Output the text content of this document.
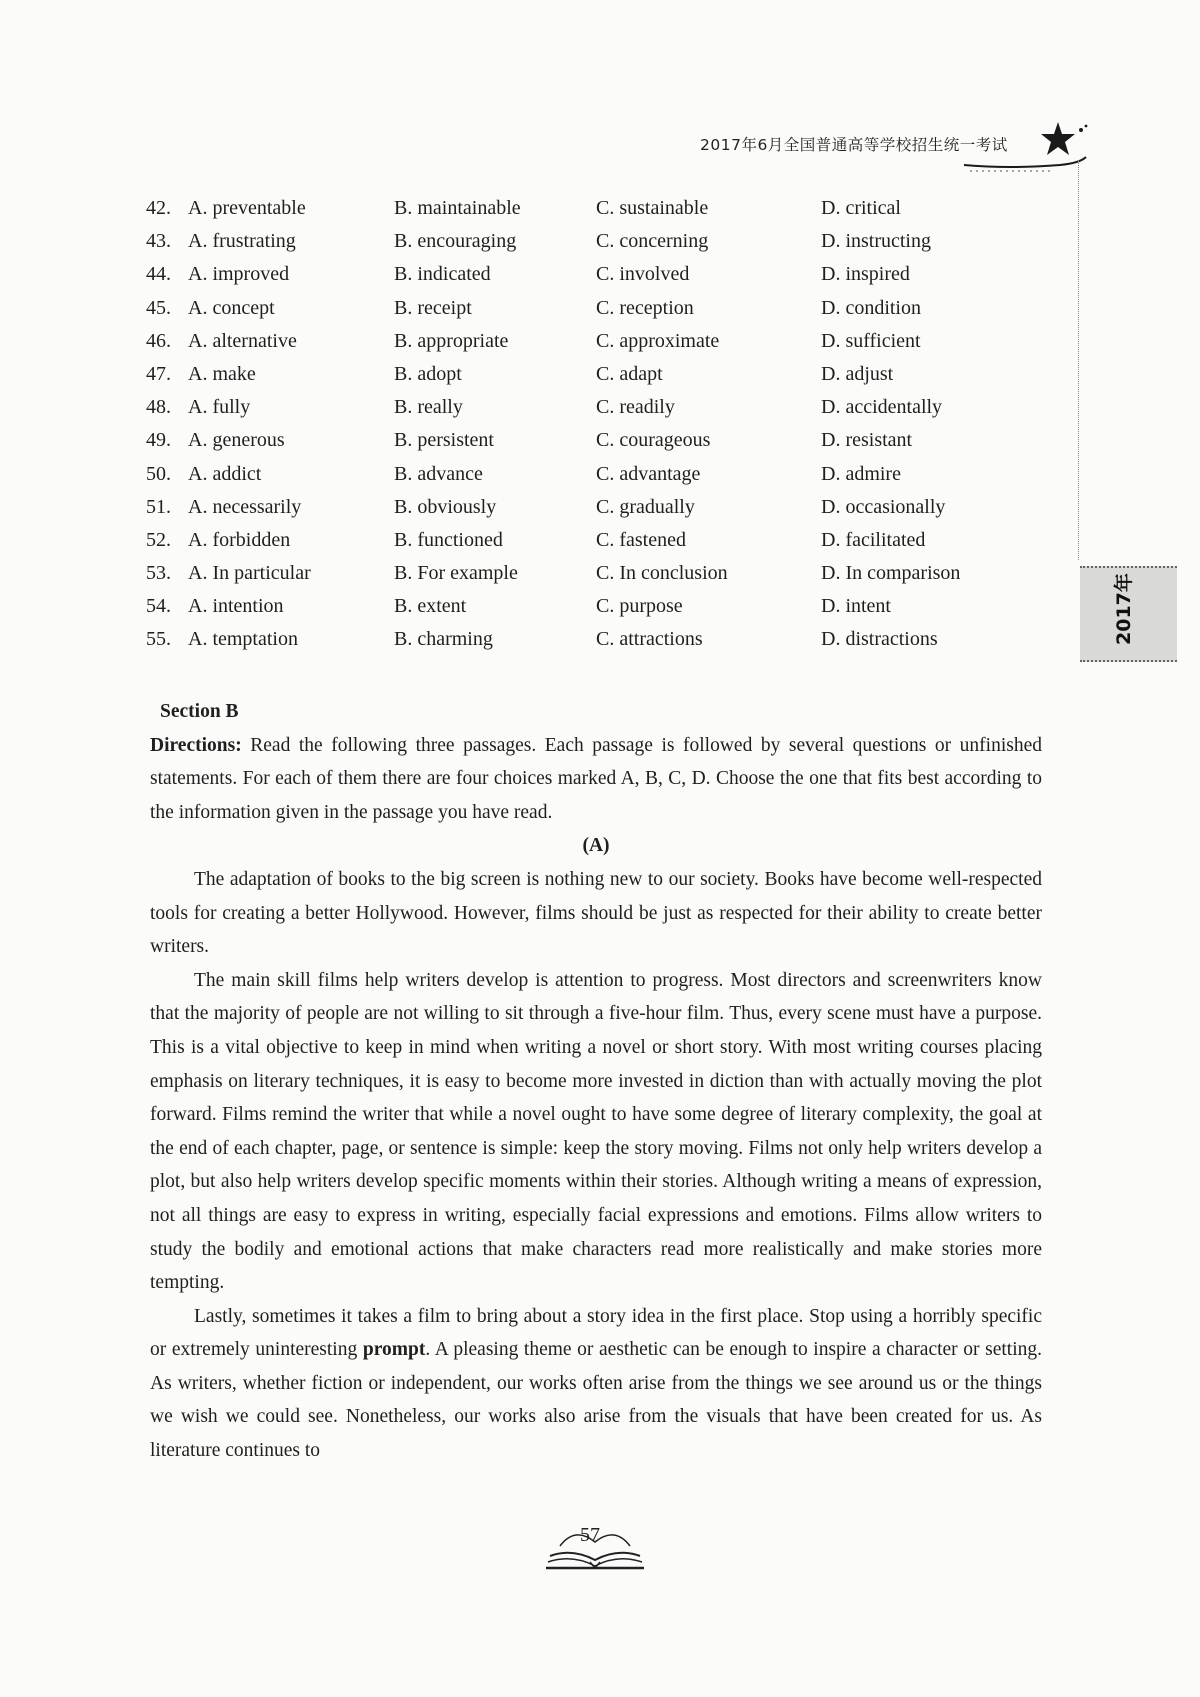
2017年6月全国普通高等学校招生统一考试
2017年
42. A. preventable	B. maintainable	C. sustainable	D. critical
43. A. frustrating	B. encouraging	C. concerning	D. instructing
44. A. improved	B. indicated	C. involved	D. inspired
45. A. concept	B. receipt	C. reception	D. condition
46. A. alternative	B. appropriate	C. approximate	D. sufficient
47. A. make	B. adopt	C. adapt	D. adjust
48. A. fully	B. really	C. readily	D. accidentally
49. A. generous	B. persistent	C. courageous	D. resistant
50. A. addict	B. advance	C. advantage	D. admire
51. A. necessarily	B. obviously	C. gradually	D. occasionally
52. A. forbidden	B. functioned	C. fastened	D. facilitated
53. A. In particular	B. For example	C. In conclusion	D. In comparison
54. A. intention	B. extent	C. purpose	D. intent
55. A. temptation	B. charming	C. attractions	D. distractions

Section B

Directions: Read the following three passages. Each passage is followed by several questions or unfinished statements. For each of them there are four choices marked A, B, C, D. Choose the one that fits best according to the information given in the passage you have read.

(A)

The adaptation of books to the big screen is nothing new to our society. Books have become well-respected tools for creating a better Hollywood. However, films should be just as respected for their ability to create better writers.

The main skill films help writers develop is attention to progress. Most directors and screenwriters know that the majority of people are not willing to sit through a five-hour film. Thus, every scene must have a purpose. This is a vital objective to keep in mind when writing a novel or short story. With most writing courses placing emphasis on literary techniques, it is easy to become more invested in diction than with actually moving the plot forward. Films remind the writer that while a novel ought to have some degree of literary complexity, the goal at the end of each chapter, page, or sentence is simple: keep the story moving. Films not only help writers develop a plot, but also help writers develop specific moments within their stories. Although writing a means of expression, not all things are easy to express in writing, especially facial expressions and emotions. Films allow writers to study the bodily and emotional actions that make characters read more realistically and make stories more tempting.

Lastly, sometimes it takes a film to bring about a story idea in the first place. Stop using a horribly specific or extremely uninteresting prompt. A pleasing theme or aesthetic can be enough to inspire a character or setting. As writers, whether fiction or independent, our works often arise from the things we see around us or the things we wish we could see. Nonetheless, our works also arise from the visuals that have been created for us. As literature continues to

57
